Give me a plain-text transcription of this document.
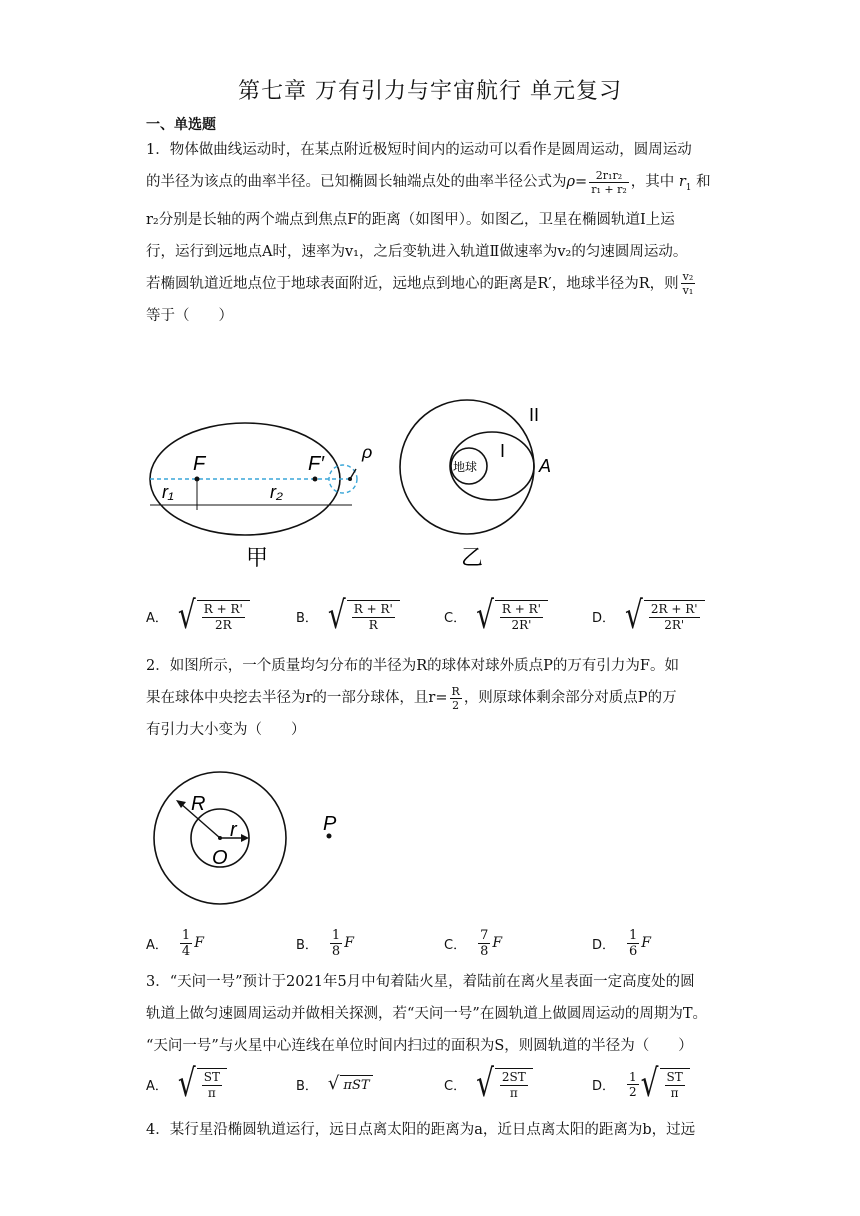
第七章 万有引力与宇宙航行 单元复习
一、单选题
1．物体做曲线运动时，在某点附近极短时间内的运动可以看作是圆周运动，圆周运动
的半径为该点的曲率半径。已知椭圆长轴端点处的曲率半径公式为$\rho= \frac{\text{2r₁r₂}}{\text{r₁ + r₂}}$ ，其中 $r_1$ 和
r₂分别是长轴的两个端点到焦点F的距离（如图甲）。如图乙，卫星在椭圆轨道Ⅰ上运
行，运行到远地点A时，速率为v₁，之后变轨进入轨道Ⅱ做速率为v₂的匀速圆周运动。
若椭圆轨道近地点位于地球表面附近，远地点到地心的距离是R′，地球半径为R，则 $\frac{\text{v₂}}{\text{v₁}}$
等于（　　）
F	F′
ρ
r₁	r₂
甲
II
I
地球	A
乙
A． √ $\frac{R + R'}{2R}$	B． √ $\frac{R + R'}{R}$	C． √ $\frac{R + R'}{2R'}$	D． √ $\frac{2R + R'}{2R'}$
2．如图所示，一个质量均匀分布的半径为R的球体对球外质点P的万有引力为F。如
果在球体中央挖去半径为r的一部分球体，且$r= \frac{R}{2}$ ，则原球体剩余部分对质点P的万
有引力大小变为（　　）
R
r
O
P
A． $\frac{1}{4}$ F	B． $\frac{1}{8}$ F	C． $\frac{7}{8}$ F	D． $\frac{1}{6}$ F
3．“天问一号”预计于2021年5月中旬着陆火星，着陆前在离火星表面一定高度处的圆
轨道上做匀速圆周运动并做相关探测，若“天问一号”在圆轨道上做圆周运动的周期为T。
“天问一号”与火星中心连线在单位时间内扫过的面积为S，则圆轨道的半径为（　　）
A． √ $\frac{ST}{\pi}$	B． √ πST	C． √ $\frac{2ST}{\pi}$	D． $\frac{1}{2}$ √ $\frac{ST}{\pi}$
4．某行星沿椭圆轨道运行，远日点离太阳的距离为a，近日点离太阳的距离为b，过远
